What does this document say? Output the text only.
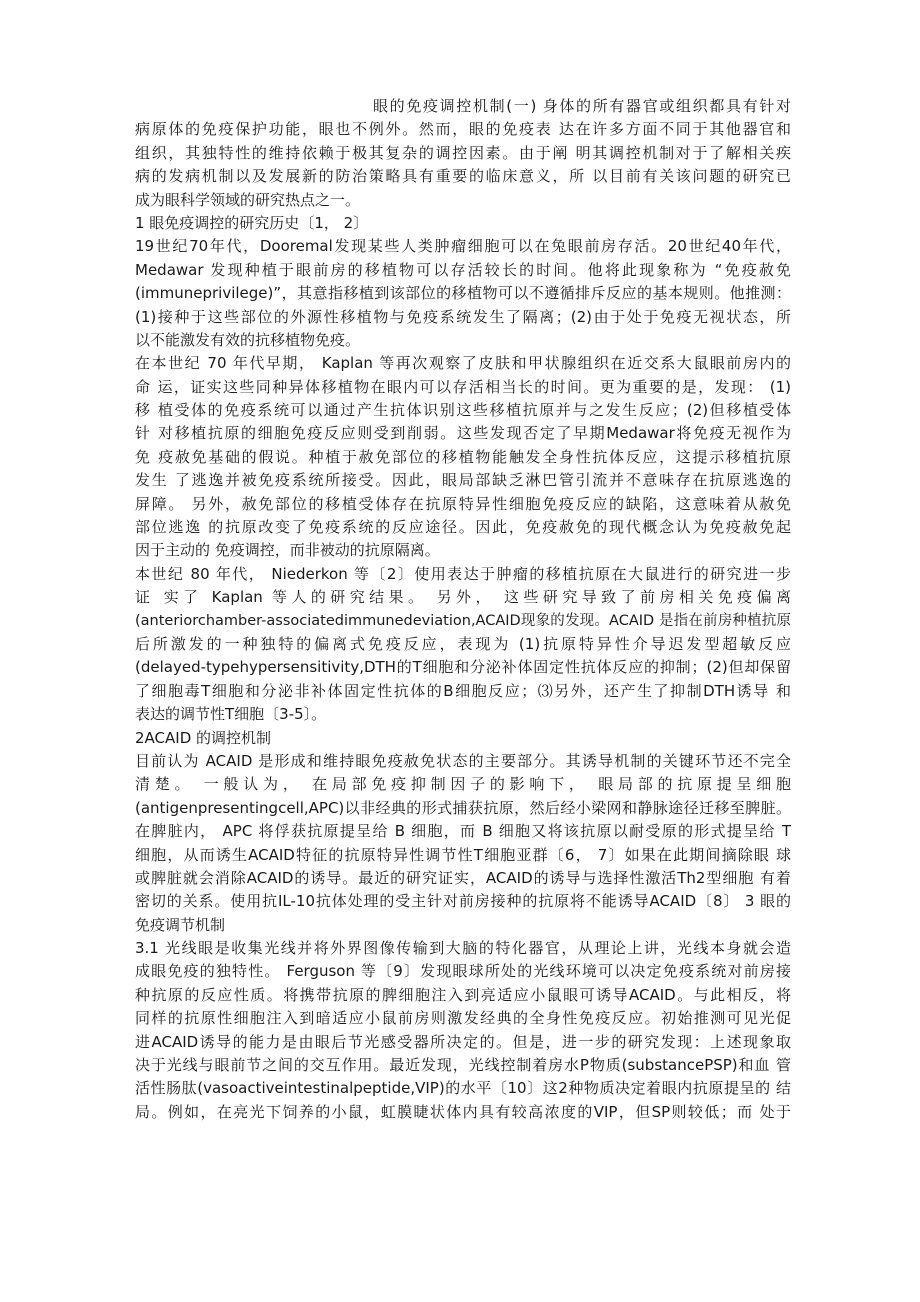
眼的免疫调控机制(一) 身体的所有器官或组织都具有针对
病原体的免疫保护功能，眼也不例外。然而，眼的免疫表 达在许多方面不同于其他器官和
组织，其独特性的维持依赖于极其复杂的调控因素。由于阐 明其调控机制对于了解相关疾
病的发病机制以及发展新的防治策略具有重要的临床意义，所 以目前有关该问题的研究已
成为眼科学领域的研究热点之一。
1 眼免疫调控的研究历史〔1， 2〕
19世纪70年代，Dooremal发现某些人类肿瘤细胞可以在兔眼前房存活。20世纪40年代，
Medawar 发现种植于眼前房的移植物可以存活较长的时间。他将此现象称为 “免疫赦免
(immuneprivilege)”，其意指移植到该部位的移植物可以不遵循排斥反应的基本规则。他推测：
(1)接种于这些部位的外源性移植物与免疫系统发生了隔离；(2)由于处于免疫无视状态，所
以不能激发有效的抗移植物免疫。
在本世纪 70 年代早期， Kaplan 等再次观察了皮肤和甲状腺组织在近交系大鼠眼前房内的
命 运，证实这些同种异体移植物在眼内可以存活相当长的时间。更为重要的是，发现： (1)
移 植受体的免疫系统可以通过产生抗体识别这些移植抗原并与之发生反应；(2)但移植受体
针 对移植抗原的细胞免疫反应则受到削弱。这些发现否定了早期Medawar将免疫无视作为
免 疫赦免基础的假说。种植于赦免部位的移植物能触发全身性抗体反应，这提示移植抗原
发生 了逃逸并被免疫系统所接受。因此，眼局部缺乏淋巴管引流并不意味存在抗原逃逸的
屏障。 另外，赦免部位的移植受体存在抗原特异性细胞免疫反应的缺陷，这意味着从赦免
部位逃逸 的抗原改变了免疫系统的反应途径。因此，免疫赦免的现代概念认为免疫赦免起
因于主动的 免疫调控，而非被动的抗原隔离。
本世纪 80 年代， Niederkon 等〔2〕使用表达于肿瘤的移植抗原在大鼠进行的研究进一步
证 实了 Kaplan 等人的研究结果。 另外， 这些研究导致了前房相关免疫偏离
(anteriorchamber-associatedimmunedeviation,ACAID现象的发现。ACAID 是指在前房种植抗原
后所激发的一种独特的偏离式免疫反应，表现为 (1)抗原特异性介导迟发型超敏反应
(delayed-typehypersensitivity,DTH的T细胞和分泌补体固定性抗体反应的抑制；(2)但却保留
了细胞毒T细胞和分泌非补体固定性抗体的B细胞反应；⑶另外，还产生了抑制DTH诱导 和
表达的调节性T细胞〔3-5〕。
2ACAID 的调控机制
目前认为 ACAID 是形成和维持眼免疫赦免状态的主要部分。其诱导机制的关键环节还不完全
清楚。 一般认为， 在局部免疫抑制因子的影响下， 眼局部的抗原提呈细胞
(antigenpresentingcell,APC)以非经典的形式捕获抗原，然后经小梁网和静脉途径迁移至脾脏。
在脾脏内， APC 将俘获抗原提呈给 B 细胞，而 B 细胞又将该抗原以耐受原的形式提呈给 T
细胞，从而诱生ACAID特征的抗原特异性调节性T细胞亚群〔6， 7〕如果在此期间摘除眼 球
或脾脏就会消除ACAID的诱导。最近的研究证实，ACAID的诱导与选择性激活Th2型细胞 有着
密切的关系。使用抗IL-10抗体处理的受主针对前房接种的抗原将不能诱导ACAID〔8〕 3 眼的
免疫调节机制
3.1 光线眼是收集光线并将外界图像传输到大脑的特化器官，从理论上讲，光线本身就会造
成眼免疫的独特性。 Ferguson 等〔9〕发现眼球所处的光线环境可以决定免疫系统对前房接
种抗原的反应性质。将携带抗原的脾细胞注入到亮适应小鼠眼可诱导ACAID。与此相反，将
同样的抗原性细胞注入到暗适应小鼠前房则激发经典的全身性免疫反应。初始推测可见光促
进ACAID诱导的能力是由眼后节光感受器所决定的。但是，进一步的研究发现：上述现象取
决于光线与眼前节之间的交互作用。最近发现，光线控制着房水P物质(substancePSP)和血 管
活性肠肽(vasoactiveintestinalpeptide,VIP)的水平〔10〕这2种物质决定着眼内抗原提呈的 结
局。例如，在亮光下饲养的小鼠，虹膜睫状体内具有较高浓度的VIP，但SP则较低；而 处于
